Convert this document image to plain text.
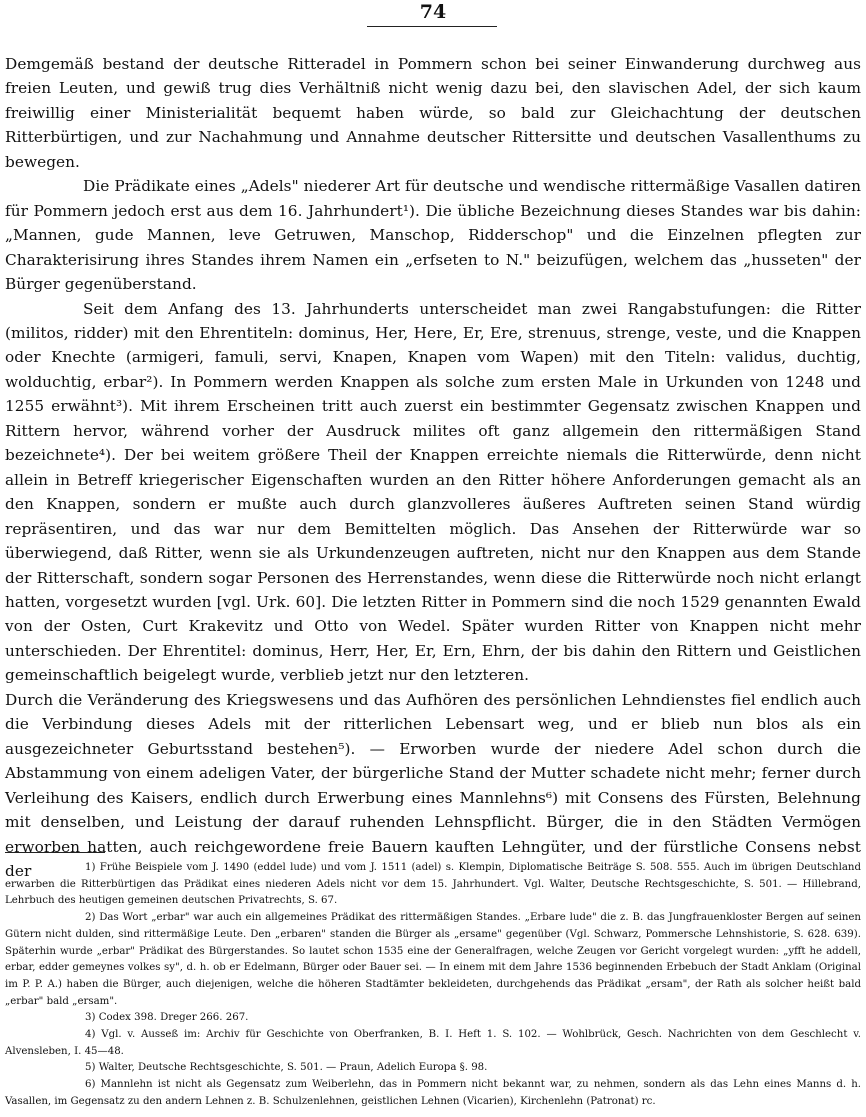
74

Demgemäß bestand der deutsche Ritteradel in Pommern schon bei seiner Einwanderung durchweg aus freien Leuten, und gewiß trug dies Verhältniß nicht wenig dazu bei, den slavischen Adel, der sich kaum freiwillig einer Ministerialität bequemt haben würde, so bald zur Gleichachtung der deutschen Ritterbürtigen, und zur Nachahmung und Annahme deutscher Rittersitte und deutschen Vasallenthums zu bewegen.

Die Prädikate eines „Adels" niederer Art für deutsche und wendische rittermäßige Vasallen datiren für Pommern jedoch erst aus dem 16. Jahrhundert¹). Die übliche Bezeichnung dieses Standes war bis dahin: „Mannen, gude Mannen, leve Getruwen, Manschop, Ridderschop" und die Einzelnen pflegten zur Charakterisirung ihres Standes ihrem Namen ein „erfseten to N." beizufügen, welchem das „husseten" der Bürger gegenüberstand.

Seit dem Anfang des 13. Jahrhunderts unterscheidet man zwei Rangabstufungen: die Ritter (militos, ridder) mit den Ehrentiteln: dominus, Her, Here, Er, Ere, strenuus, strenge, veste, und die Knappen oder Knechte (armigeri, famuli, servi, Knapen, Knapen vom Wapen) mit den Titeln: validus, duchtig, wolduchtig, erbar²). In Pommern werden Knappen als solche zum ersten Male in Urkunden von 1248 und 1255 erwähnt³). Mit ihrem Erscheinen tritt auch zuerst ein bestimmter Gegensatz zwischen Knappen und Rittern hervor, während vorher der Ausdruck milites oft ganz allgemein den rittermäßigen Stand bezeichnete⁴). Der bei weitem größere Theil der Knappen erreichte niemals die Ritterwürde, denn nicht allein in Betreff kriegerischer Eigenschaften wurden an den Ritter höhere Anforderungen gemacht als an den Knappen, sondern er mußte auch durch glanzvolleres äußeres Auftreten seinen Stand würdig repräsentiren, und das war nur dem Bemittelten möglich. Das Ansehen der Ritterwürde war so überwiegend, daß Ritter, wenn sie als Urkundenzeugen auftreten, nicht nur den Knappen aus dem Stande der Ritterschaft, sondern sogar Personen des Herrenstandes, wenn diese die Ritterwürde noch nicht erlangt hatten, vorgesetzt wurden [vgl. Urk. 60]. Die letzten Ritter in Pommern sind die noch 1529 genannten Ewald von der Osten, Curt Krakevitz und Otto von Wedel. Später wurden Ritter von Knappen nicht mehr unterschieden. Der Ehrentitel: dominus, Herr, Her, Er, Ern, Ehrn, der bis dahin den Rittern und Geistlichen gemeinschaftlich beigelegt wurde, verblieb jetzt nur den letzteren.

Durch die Veränderung des Kriegswesens und das Aufhören des persönlichen Lehndienstes fiel endlich auch die Verbindung dieses Adels mit der ritterlichen Lebensart weg, und er blieb nun blos als ein ausgezeichneter Geburtsstand bestehen⁵). — Erworben wurde der niedere Adel schon durch die Abstammung von einem adeligen Vater, der bürgerliche Stand der Mutter schadete nicht mehr; ferner durch Verleihung des Kaisers, endlich durch Erwerbung eines Mannlehns⁶) mit Consens des Fürsten, Belehnung mit denselben, und Leistung der darauf ruhenden Lehnspflicht. Bürger, die in den Städten Vermögen erworben hatten, auch reichgewordene freie Bauern kauften Lehngüter, und der fürstliche Consens nebst der	1) Frühe Beispiele vom J. 1490 (eddel lude) und vom J. 1511 (adel) s. Klempin, Diplomatische Beiträge S. 508. 555. Auch im übrigen Deutschland erwarben die Ritterbürtigen das Prädikat eines niederen Adels nicht vor dem 15. Jahrhundert. Vgl. Walter, Deutsche Rechtsgeschichte, S. 501. — Hillebrand, Lehrbuch des heutigen gemeinen deutschen Privatrechts, S. 67.

2) Das Wort „erbar" war auch ein allgemeines Prädikat des rittermäßigen Standes. „Erbare lude" die z. B. das Jungfrauenkloster Bergen auf seinen Gütern nicht dulden, sind rittermäßige Leute. Den „erbaren" standen die Bürger als „ersame" gegenüber (Vgl. Schwarz, Pommersche Lehnshistorie, S. 628. 639). Späterhin wurde „erbar" Prädikat des Bürgerstandes. So lautet schon 1535 eine der Generalfragen, welche Zeugen vor Gericht vorgelegt wurden: „yfft he addell, erbar, edder gemeynes volkes sy", d. h. ob er Edelmann, Bürger oder Bauer sei. — In einem mit dem Jahre 1536 beginnenden Erbebuch der Stadt Anklam (Original im P. P. A.) haben die Bürger, auch diejenigen, welche die höheren Stadtämter bekleideten, durchgehends das Prädikat „ersam", der Rath als solcher heißt bald „erbar" bald „ersam".

3) Codex 398. Dreger 266. 267.

4) Vgl. v. Ausseß im: Archiv für Geschichte von Oberfranken, B. I. Heft 1. S. 102. — Wohlbrück, Gesch. Nachrichten von dem Geschlecht v. Alvensleben, I. 45—48.

5) Walter, Deutsche Rechtsgeschichte, S. 501. — Praun, Adelich Europa §. 98.

6) Mannlehn ist nicht als Gegensatz zum Weiberlehn, das in Pommern nicht bekannt war, zu nehmen, sondern als das Lehn eines Manns d. h. Vasallen, im Gegensatz zu den andern Lehnen z. B. Schulzenlehnen, geistlichen Lehnen (Vicarien), Kirchenlehn (Patronat) rc.
